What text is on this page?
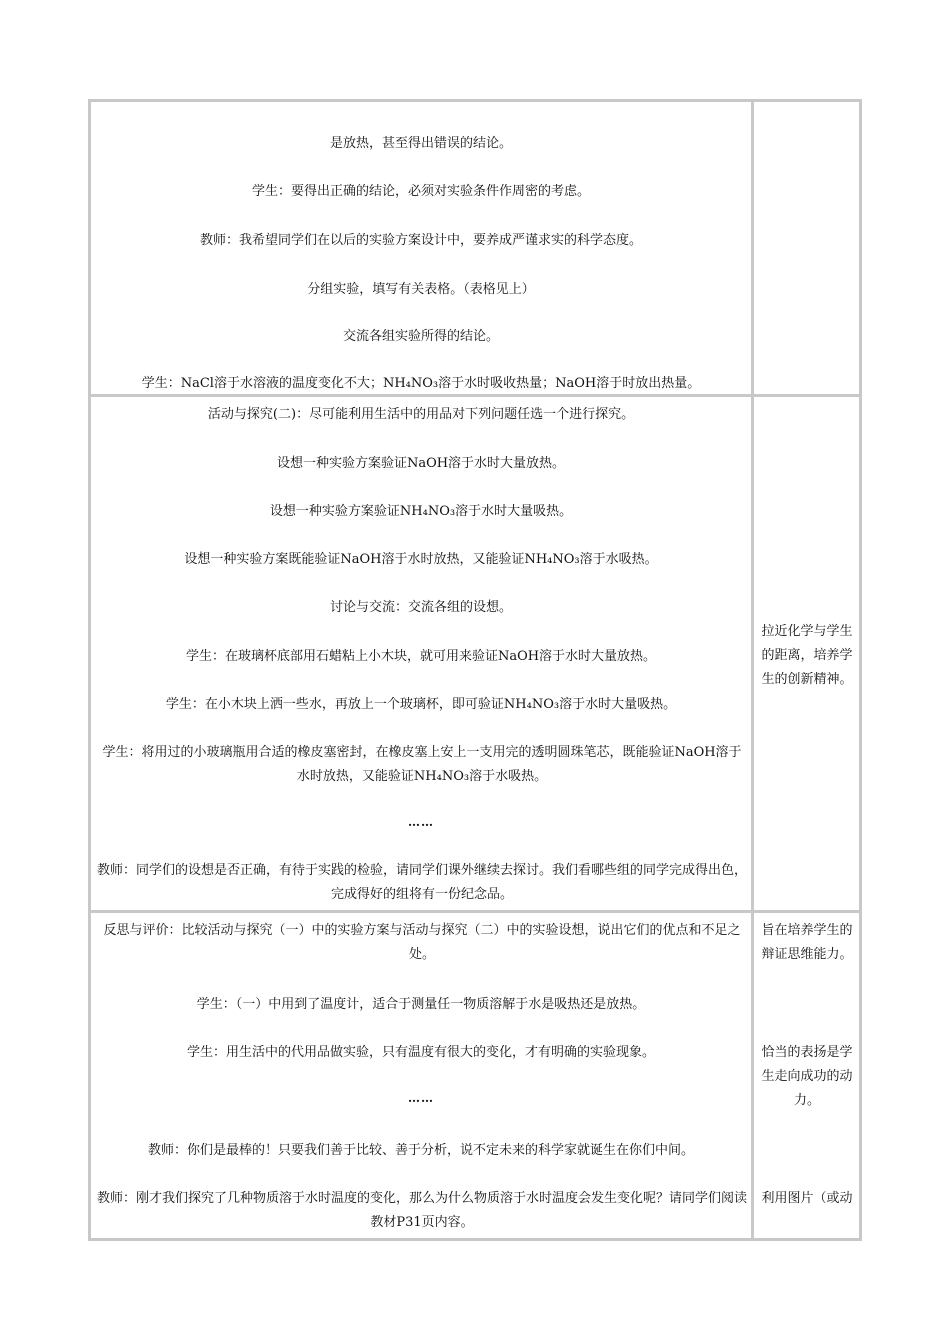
是放热，甚至得出错误的结论。
学生：要得出正确的结论，必须对实验条件作周密的考虑。
教师：我希望同学们在以后的实验方案设计中，要养成严谨求实的科学态度。
分组实验，填写有关表格。（表格见上）
交流各组实验所得的结论。
学生：NaCl溶于水溶液的温度变化不大；NH₄NO₃溶于水时吸收热量；NaOH溶于时放出热量。
活动与探究(二)：尽可能利用生活中的用品对下列问题任选一个进行探究。
设想一种实验方案验证NaOH溶于水时大量放热。
设想一种实验方案验证NH₄NO₃溶于水时大量吸热。
设想一种实验方案既能验证NaOH溶于水时放热，又能验证NH₄NO₃溶于水吸热。
讨论与交流：交流各组的设想。
学生：在玻璃杯底部用石蜡粘上小木块，就可用来验证NaOH溶于水时大量放热。
学生：在小木块上洒一些水，再放上一个玻璃杯，即可验证NH₄NO₃溶于水时大量吸热。
学生：将用过的小玻璃瓶用合适的橡皮塞密封，在橡皮塞上安上一支用完的透明圆珠笔芯，既能验证NaOH溶于水时放热，又能验证NH₄NO₃溶于水吸热。
……
教师：同学们的设想是否正确，有待于实践的检验，请同学们课外继续去探讨。我们看哪些组的同学完成得出色，完成得好的组将有一份纪念品。
拉近化学与学生的距离，培养学生的创新精神。
反思与评价：比较活动与探究（一）中的实验方案与活动与探究（二）中的实验设想，说出它们的优点和不足之处。
学生：（一）中用到了温度计，适合于测量任一物质溶解于水是吸热还是放热。
学生：用生活中的代用品做实验，只有温度有很大的变化，才有明确的实验现象。
……
教师：你们是最棒的！只要我们善于比较、善于分析，说不定未来的科学家就诞生在你们中间。
教师：刚才我们探究了几种物质溶于水时温度的变化，那么为什么物质溶于水时温度会发生变化呢？请同学们阅读教材P31页内容。
旨在培养学生的辩证思维能力。
恰当的表扬是学生走向成功的动力。
利用图片（或动
